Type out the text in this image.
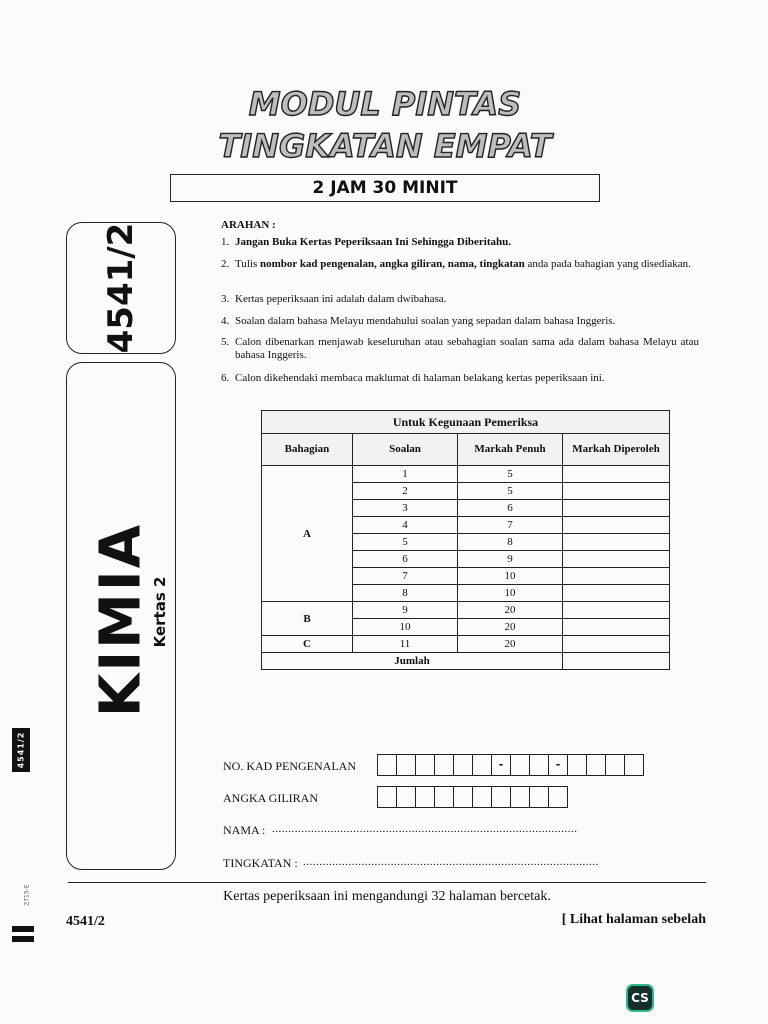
MODUL PINTAS
TINGKATAN EMPAT
2 JAM 30 MINIT
4541/2
KIMIA
Kertas 2
4541/2
2715-E
ARAHAN :
1. Jangan Buka Kertas Peperiksaan Ini Sehingga Diberitahu.
2. Tulis nombor kad pengenalan, angka giliran, nama, tingkatan anda pada bahagian yang disediakan.
3. Kertas peperiksaan ini adalah dalam dwibahasa.
4. Soalan dalam bahasa Melayu mendahului soalan yang sepadan dalam bahasa Inggeris.
5. Calon dibenarkan menjawab keseluruhan atau sebahagian soalan sama ada dalam bahasa Melayu atau bahasa Inggeris.
6. Calon dikehendaki membaca maklumat di halaman belakang kertas peperiksaan ini.
Untuk Kegunaan Pemeriksa			
Bahagian	Soalan	Markah Penuh	Markah Diperoleh
A	1	5	
	2	5	
	3	6	
	4	7	
	5	8	
	6	9	
	7	10	
	8	10	
B	9	20	
	10	20	
C	11	20	
Jumlah			
NO. KAD PENGENALAN	-	-
ANGKA GILIRAN
NAMA : ..............................................................................................
TINGKATAN : ...........................................................................................
Kertas peperiksaan ini mengandungi 32 halaman bercetak.
4541/2	[ Lihat halaman sebelah
CS
